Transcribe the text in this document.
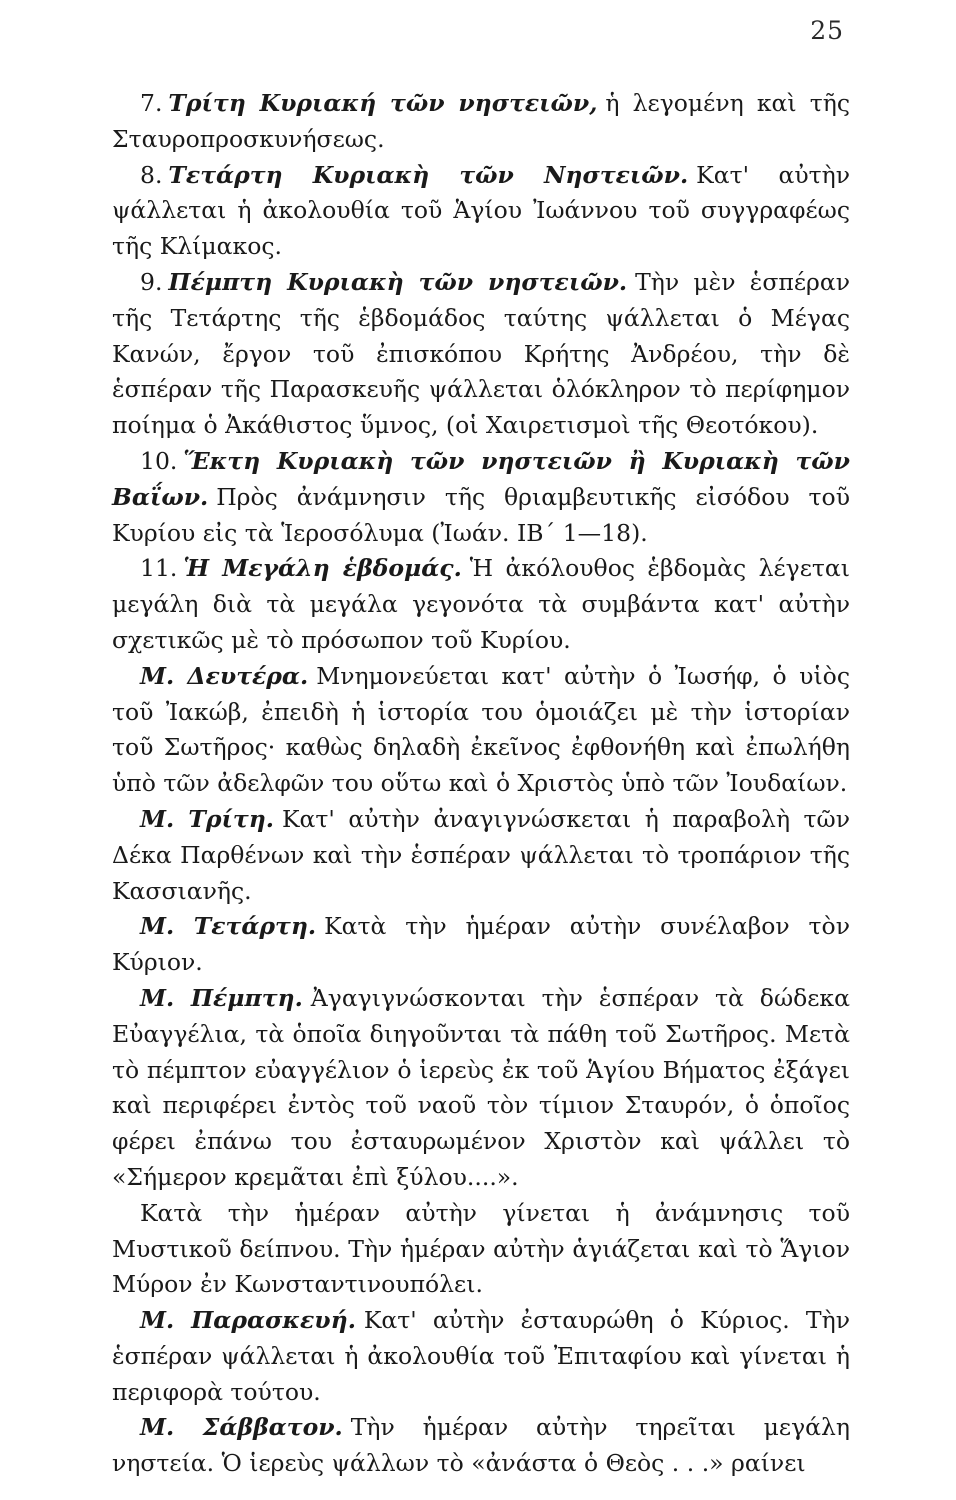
25

7. Τρίτη Κυριακή τῶν νηστειῶν, ἡ λεγομένη καὶ τῆς Σταυροπροσκυνήσεως.

8. Τετάρτη Κυριακὴ τῶν Νηστειῶν. Κατ' αὐτὴν ψάλλεται ἡ ἀκολουθία τοῦ Ἁγίου Ἰωάννου τοῦ συγγραφέως τῆς Κλίμακος.

9. Πέμπτη Κυριακὴ τῶν νηστειῶν. Τὴν μὲν ἑσπέραν τῆς Τετάρτης τῆς ἑβδομάδος ταύτης ψάλλεται ὁ Μέγας Κανών, ἔργον τοῦ ἐπισκόπου Κρήτης Ἀνδρέου, τὴν δὲ ἑσπέραν τῆς Παρασκευῆς ψάλλεται ὁλόκληρον τὸ περίφημον ποίημα ὁ Ἀκάθιστος ὕμνος, (οἱ Χαιρετισμοὶ τῆς Θεοτόκου).

10. Ἕκτη Κυριακὴ τῶν νηστειῶν ἢ Κυριακὴ τῶν Βαΐων. Πρὸς ἀνάμνησιν τῆς θριαμβευτικῆς εἰσόδου τοῦ Κυρίου εἰς τὰ Ἱεροσόλυμα (Ἰωάν. ΙΒ΄ 1—18).

11. Ἡ Μεγάλη ἑβδομάς. Ἡ ἀκόλουθος ἑβδομὰς λέγεται μεγάλη διὰ τὰ μεγάλα γεγονότα τὰ συμβάντα κατ' αὐτὴν σχετικῶς μὲ τὸ πρόσωπον τοῦ Κυρίου.

Μ. Δευτέρα. Μνημονεύεται κατ' αὐτὴν ὁ Ἰωσήφ, ὁ υἱὸς τοῦ Ἰακώβ, ἐπειδὴ ἡ ἱστορία του ὁμοιάζει μὲ τὴν ἱστορίαν τοῦ Σωτῆρος· καθὼς δηλαδὴ ἐκεῖνος ἐφθονήθη καὶ ἐπωλήθη ὑπὸ τῶν ἀδελφῶν του οὕτω καὶ ὁ Χριστὸς ὑπὸ τῶν Ἰουδαίων.

Μ. Τρίτη. Κατ' αὐτὴν ἀναγιγνώσκεται ἡ παραβολὴ τῶν Δέκα Παρθένων καὶ τὴν ἑσπέραν ψάλλεται τὸ τροπάριον τῆς Κασσιανῆς.

Μ. Τετάρτη. Κατὰ τὴν ἡμέραν αὐτὴν συνέλαβον τὸν Κύριον.

Μ. Πέμπτη. Ἀγαγιγνώσκονται τὴν ἑσπέραν τὰ δώδεκα Εὐαγγέλια, τὰ ὁποῖα διηγοῦνται τὰ πάθη τοῦ Σωτῆρος. Μετὰ τὸ πέμπτον εὐαγγέλιον ὁ ἱερεὺς ἐκ τοῦ Ἁγίου Βήματος ἐξάγει καὶ περιφέρει ἐντὸς τοῦ ναοῦ τὸν τίμιον Σταυρόν, ὁ ὁποῖος φέρει ἐπάνω του ἐσταυρωμένον Χριστὸν καὶ ψάλλει τὸ «Σήμερον κρεμᾶται ἐπὶ ξύλου....».

Κατὰ τὴν ἡμέραν αὐτὴν γίνεται ἡ ἀνάμνησις τοῦ Μυστικοῦ δείπνου. Τὴν ἡμέραν αὐτὴν ἁγιάζεται καὶ τὸ Ἅγιον Μύρον ἐν Κωνσταντινουπόλει.

Μ. Παρασκευή. Κατ' αὐτὴν ἐσταυρώθη ὁ Κύριος. Τὴν ἑσπέραν ψάλλεται ἡ ἀκολουθία τοῦ Ἐπιταφίου καὶ γίνεται ἡ περιφορὰ τούτου.

Μ. Σάββατον. Τὴν ἡμέραν αὐτὴν τηρεῖται μεγάλη νηστεία. Ὁ ἱερεὺς ψάλλων τὸ «ἀνάστα ὁ Θεὸς . . .» ραίνει
